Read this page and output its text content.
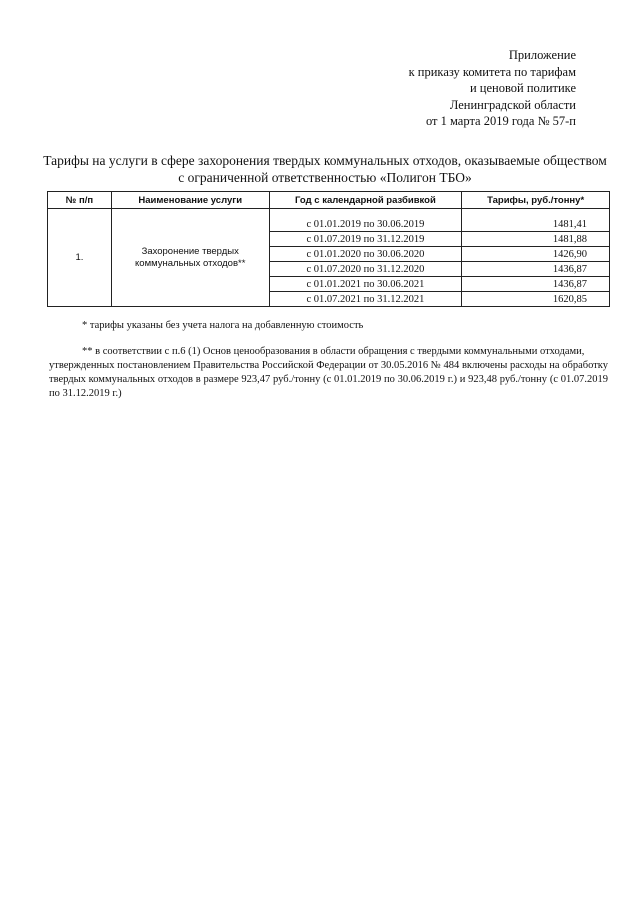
Приложение
к приказу комитета по тарифам
и ценовой политике
Ленинградской области
от 1 марта 2019 года № 57-п
Тарифы на услуги в сфере захоронения твердых коммунальных отходов, оказываемые обществом
с ограниченной ответственностью «Полигон ТБО»
№ п/п	Наименование услуги	Год с календарной разбивкой	Тарифы, руб./тонну*
1.	Захоронение твердых
коммунальных отходов**	с 01.01.2019 по 30.06.2019	1481,41
		с 01.07.2019 по 31.12.2019	1481,88
		с 01.01.2020 по 30.06.2020	1426,90
		с 01.07.2020 по 31.12.2020	1436,87
		с 01.01.2021 по 30.06.2021	1436,87
		с 01.07.2021 по 31.12.2021	1620,85
* тарифы указаны без учета налога на добавленную стоимость
** в соответствии с п.6 (1) Основ ценообразования в области обращения с твердыми коммунальными отходами,
утвержденных постановлением Правительства Российской Федерации от 30.05.2016 № 484 включены расходы на обработку твердых коммунальных отходов в размере 923,47 руб./тонну (с 01.01.2019 по 30.06.2019 г.) и 923,48 руб./тонну (с 01.07.2019 по 31.12.2019 г.)
